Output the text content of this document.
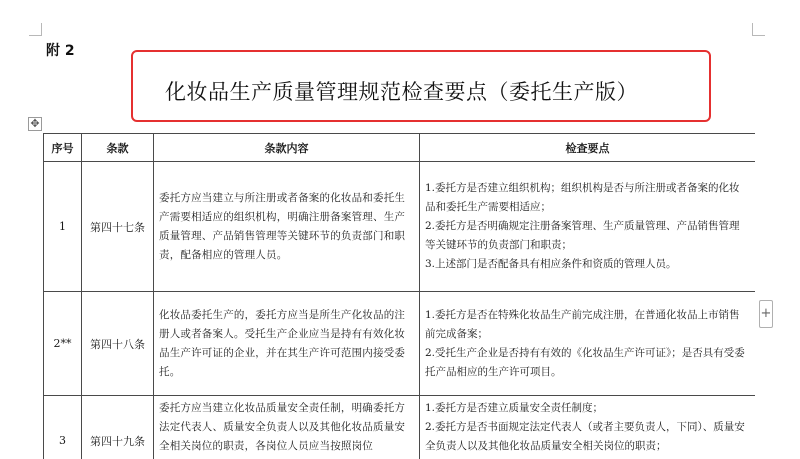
附 2
化妆品生产质量管理规范检查要点（委托生产版）
✥
+
序号	条款	条款内容	检查要点
1	第四十七条	委托方应当建立与所注册或者备案的化妆品和委托生产需要相适应的组织机构，明确注册备案管理、生产质量管理、产品销售管理等关键环节的负责部门和职责，配备相应的管理人员。	1.委托方是否建立组织机构；组织机构是否与所注册或者备案的化妆品和委托生产需要相适应；
2.委托方是否明确规定注册备案管理、生产质量管理、产品销售管理等关键环节的负责部门和职责；
3.上述部门是否配备具有相应条件和资质的管理人员。

2**	第四十八条	化妆品委托生产的，委托方应当是所生产化妆品的注册人或者备案人。受托生产企业应当是持有有效化妆品生产许可证的企业，并在其生产许可范围内接受委托。	1.委托方是否在特殊化妆品生产前完成注册，在普通化妆品上市销售前完成备案；
2.受托生产企业是否持有有效的《化妆品生产许可证》；是否具有受委托产品相应的生产许可项目。

3	第四十九条	委托方应当建立化妆品质量安全责任制，明确委托方法定代表人、质量安全负责人以及其他化妆品质量安全相关岗位的职责，各岗位人员应当按照岗位	1.委托方是否建立质量安全责任制度；
2.委托方是否书面规定法定代表人（或者主要负责人，下同）、质量安全负责人以及其他化妆品质量安全相关岗位的职责；
